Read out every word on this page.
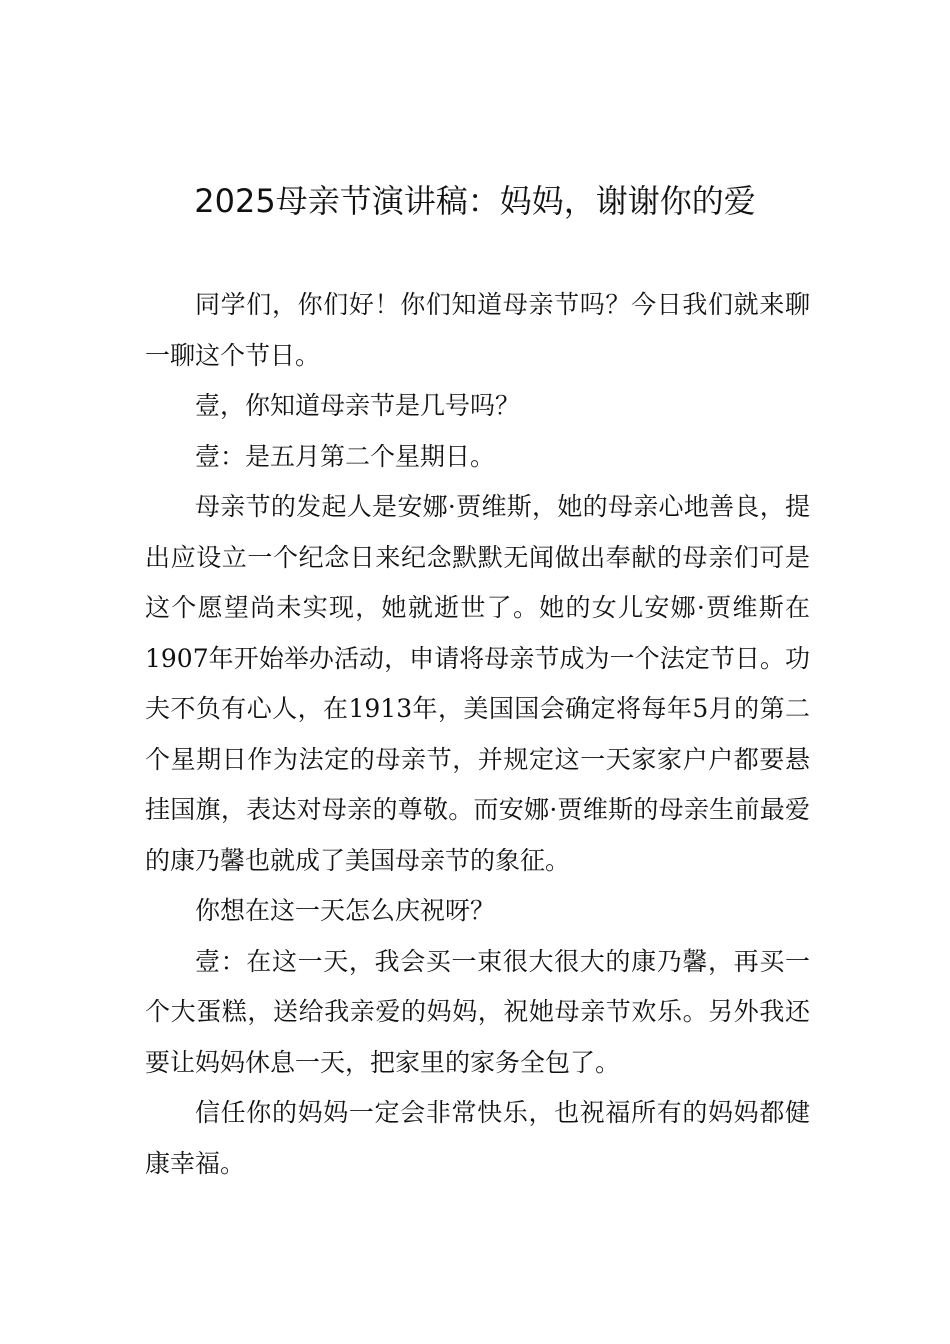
2025母亲节演讲稿：妈妈，谢谢你的爱

同学们，你们好！你们知道母亲节吗？今日我们就来聊一聊这个节日。

壹，你知道母亲节是几号吗？

壹：是五月第二个星期日。

母亲节的发起人是安娜·贾维斯，她的母亲心地善良，提出应设立一个纪念日来纪念默默无闻做出奉献的母亲们可是这个愿望尚未实现，她就逝世了。她的女儿安娜·贾维斯在1907年开始举办活动，申请将母亲节成为一个法定节日。功夫不负有心人，在1913年，美国国会确定将每年5月的第二个星期日作为法定的母亲节，并规定这一天家家户户都要悬挂国旗，表达对母亲的尊敬。而安娜·贾维斯的母亲生前最爱的康乃馨也就成了美国母亲节的象征。

你想在这一天怎么庆祝呀？

壹：在这一天，我会买一束很大很大的康乃馨，再买一个大蛋糕，送给我亲爱的妈妈，祝她母亲节欢乐。另外我还要让妈妈休息一天，把家里的家务全包了。

信任你的妈妈一定会非常快乐，也祝福所有的妈妈都健康幸福。
